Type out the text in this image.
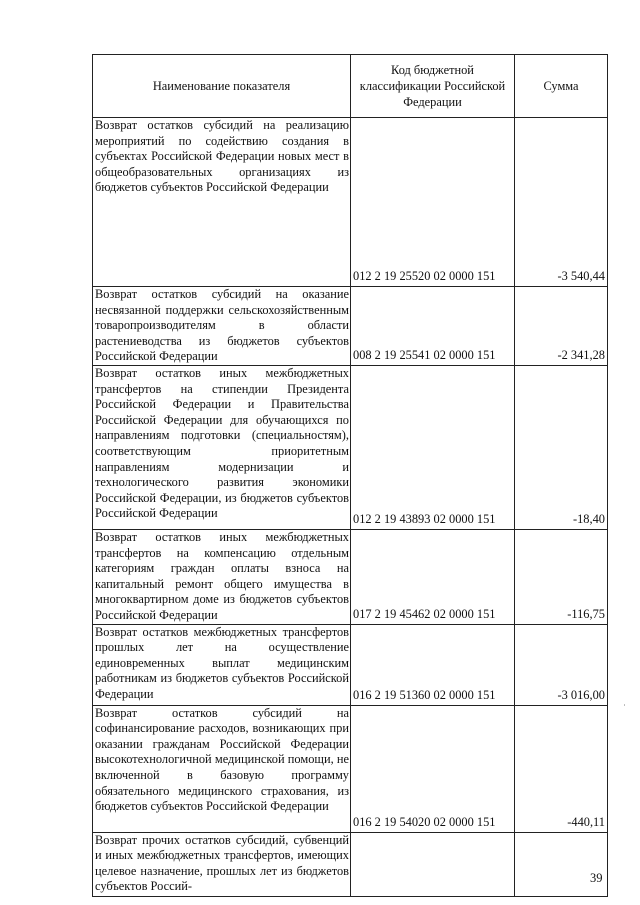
Наименование показателя	Код бюджетной классификации Российской Федерации	Сумма

Возврат остатков субсидий на реализацию мероприятий по содействию создания в субъектах Российской Федерации новых мест в общеобразовательных организациях из бюджетов субъектов Российской Федерации	012 2 19 25520 02 0000 151	-3 540,44

Возврат остатков субсидий на оказание несвязанной поддержки сельскохозяйственным товаропроизводителям в области растениеводства из бюджетов субъектов Российской Федерации	008 2 19 25541 02 0000 151	-2 341,28

Возврат остатков иных межбюджетных трансфертов на стипендии Президента Российской Федерации и Правительства Российской Федерации для обучающихся по направлениям подготовки (специальностям), соответствующим приоритетным направлениям модернизации и технологического развития экономики Российской Федерации, из бюджетов субъектов Российской Федерации	012 2 19 43893 02 0000 151	-18,40

Возврат остатков иных межбюджетных трансфертов на компенсацию отдельным категориям граждан оплаты взноса на капитальный ремонт общего имущества в многоквартирном доме из бюджетов субъектов Российской Федерации	017 2 19 45462 02 0000 151	-116,75

Возврат остатков межбюджетных трансфертов прошлых лет на осуществление единовременных выплат медицинским работникам из бюджетов субъектов Российской Федерации	016 2 19 51360 02 0000 151	-3 016,00

Возврат остатков субсидий на софинансирование расходов, возникающих при оказании гражданам Российской Федерации высокотехнологичной медицинской помощи, не включенной в базовую программу обязательного медицинского страхования, из бюджетов субъектов Российской Федерации	016 2 19 54020 02 0000 151	-440,11

Возврат прочих остатков субсидий, субвенций и иных межбюджетных трансфертов, имеющих целевое назначение, прошлых лет из бюджетов субъектов Россий-		

˙
39
